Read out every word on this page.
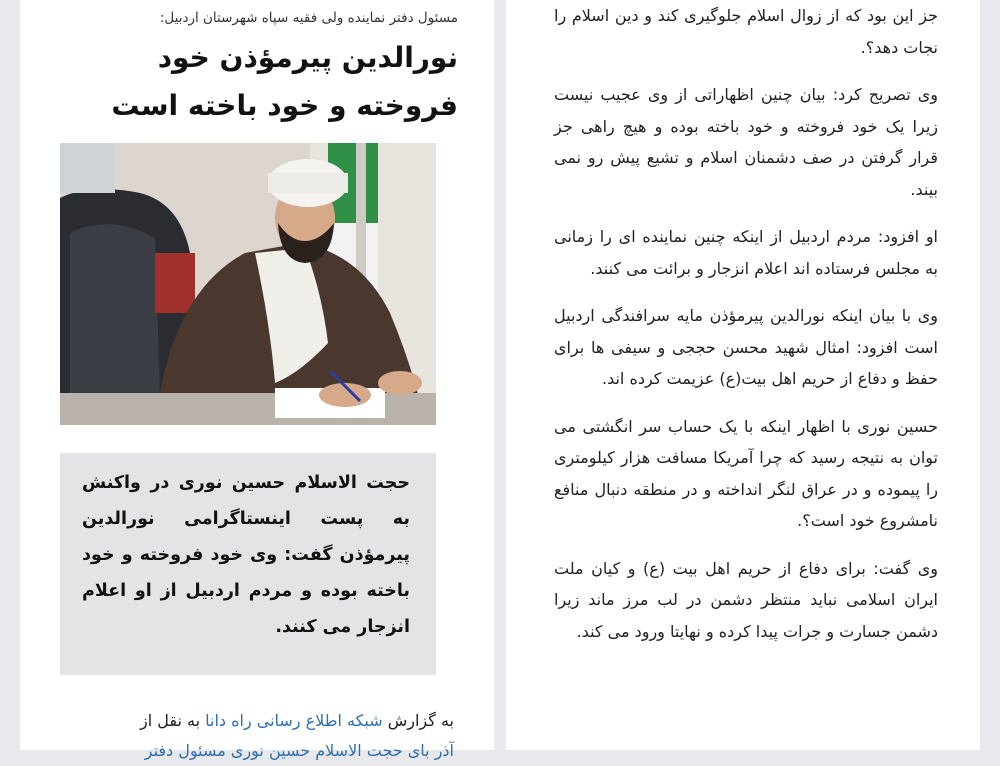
مسئول دفتر نماینده ولی فقیه سپاه شهرستان اردبیل:
نورالدین پیرمؤذن خود فروخته و خود باخته است

حجت الاسلام حسین نوری در واکنش به پست اینستاگرامی نورالدین پیرمؤذن گفت: وی خود فروخته و خود باخته بوده و مردم اردبیل از او اعلام انزجار می کنند.

به گزارش شبکه اطلاع رسانی راه دانا به نقل از
آذر بای حجت الاسلام حسین نوری مسئول دفتر

جز این بود که از زوال اسلام جلوگیری کند و دین اسلام را نجات دهد؟.

وی تصریح کرد: بیان چنین اظهاراتی از وی عجیب نیست زیرا یک خود فروخته و خود باخته بوده و هیچ راهی جز قرار گرفتن در صف دشمنان اسلام و تشیع پیش رو نمی بیند.

او افزود: مردم اردبیل از اینکه چنین نماینده ای را زمانی به مجلس فرستاده اند اعلام انزجار و برائت می کنند.

وی با بیان اینکه نورالدین پیرمؤذن مایه سرافندگی اردبیل است افزود: امثال شهید محسن حججی و سیفی ها برای حفظ و دفاع از حریم اهل بیت(ع) عزیمت کرده اند.

حسین نوری با اظهار اینکه با یک حساب سر انگشتی می توان به نتیجه رسید که چرا آمریکا مسافت هزار کیلومتری را پیموده و در عراق لنگر انداخته و در منطقه دنبال منافع نامشروع خود است؟.

وی گفت: برای دفاع از حریم اهل بیت (ع) و کیان ملت ایران اسلامی نباید منتظر دشمن در لب مرز ماند زیرا دشمن جسارت و جرات پیدا کرده و نهایتا ورود می کند.
